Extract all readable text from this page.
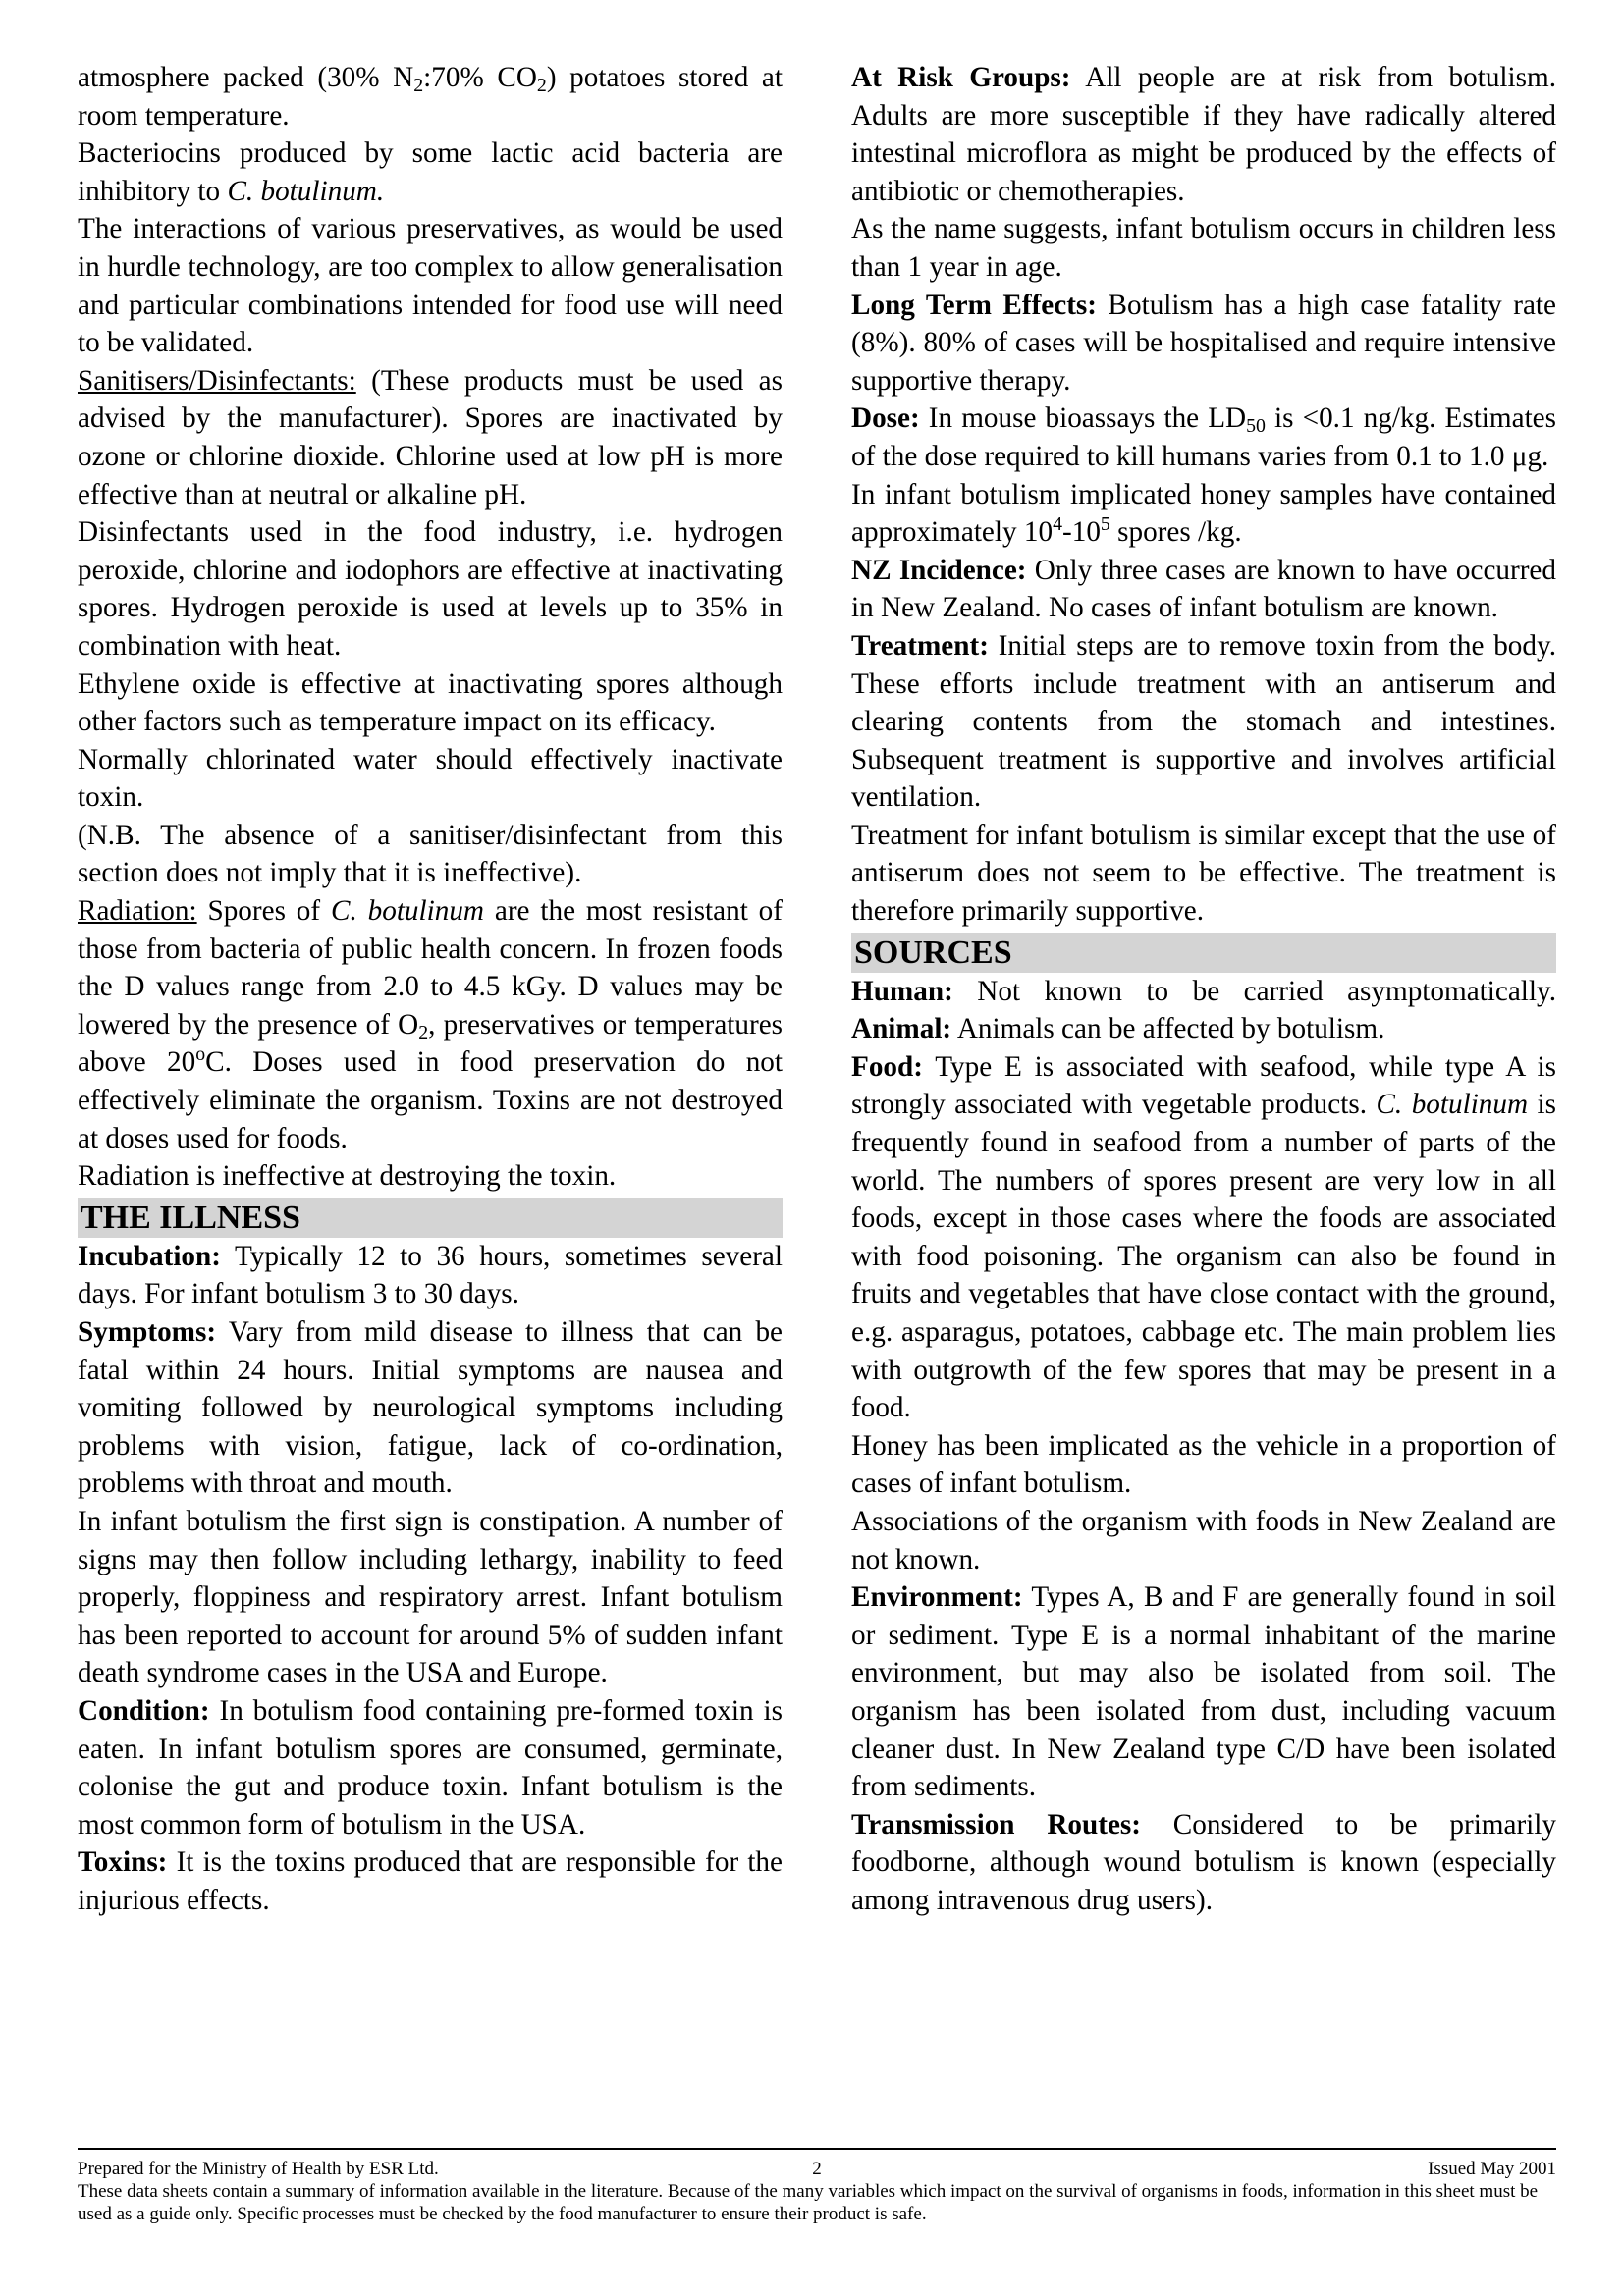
atmosphere packed (30% $N_2:70\%$ $CO_2$) potatoes stored at room temperature.

Bacteriocins produced by some lactic acid bacteria are inhibitory to C. botulinum.

The interactions of various preservatives, as would be used in hurdle technology, are too complex to allow generalisation and particular combinations intended for food use will need to be validated.

Sanitisers/Disinfectants: (These products must be used as advised by the manufacturer). Spores are inactivated by ozone or chlorine dioxide. Chlorine used at low pH is more effective than at neutral or alkaline pH.

Disinfectants used in the food industry, i.e. hydrogen peroxide, chlorine and iodophors are effective at inactivating spores. Hydrogen peroxide is used at levels up to 35% in combination with heat.

Ethylene oxide is effective at inactivating spores although other factors such as temperature impact on its efficacy.

Normally chlorinated water should effectively inactivate toxin.

(N.B. The absence of a sanitiser/disinfectant from this section does not imply that it is ineffective).

Radiation: Spores of C. botulinum are the most resistant of those from bacteria of public health concern. In frozen foods the D values range from 2.0 to 4.5 kGy. D values may be lowered by the presence of $O_2$, preservatives or temperatures above 20$^o$C. Doses used in food preservation do not effectively eliminate the organism. Toxins are not destroyed at doses used for foods.

Radiation is ineffective at destroying the toxin.

THE ILLNESS

Incubation: Typically 12 to 36 hours, sometimes several days. For infant botulism 3 to 30 days.

Symptoms: Vary from mild disease to illness that can be fatal within 24 hours. Initial symptoms are nausea and vomiting followed by neurological symptoms including problems with vision, fatigue, lack of co-ordination, problems with throat and mouth.

In infant botulism the first sign is constipation. A number of signs may then follow including lethargy, inability to feed properly, floppiness and respiratory arrest. Infant botulism has been reported to account for around 5% of sudden infant death syndrome cases in the USA and Europe.

Condition: In botulism food containing pre-formed toxin is eaten. In infant botulism spores are consumed, germinate, colonise the gut and produce toxin. Infant botulism is the most common form of botulism in the USA.

Toxins: It is the toxins produced that are responsible for the injurious effects.

At Risk Groups: All people are at risk from botulism. Adults are more susceptible if they have radically altered intestinal microflora as might be produced by the effects of antibiotic or chemotherapies.

As the name suggests, infant botulism occurs in children less than 1 year in age.

Long Term Effects: Botulism has a high case fatality rate (8%). 80% of cases will be hospitalised and require intensive supportive therapy.

Dose: In mouse bioassays the $LD_{50}$ is <0.1 ng/kg. Estimates of the dose required to kill humans varies from 0.1 to 1.0 μg.

In infant botulism implicated honey samples have contained approximately $10^4-10^5$ spores /kg.

NZ Incidence: Only three cases are known to have occurred in New Zealand. No cases of infant botulism are known.

Treatment: Initial steps are to remove toxin from the body. These efforts include treatment with an antiserum and clearing contents from the stomach and intestines. Subsequent treatment is supportive and involves artificial ventilation.

Treatment for infant botulism is similar except that the use of antiserum does not seem to be effective. The treatment is therefore primarily supportive.

SOURCES

Human: Not known to be carried asymptomatically.

Animal: Animals can be affected by botulism.

Food: Type E is associated with seafood, while type A is strongly associated with vegetable products. C. botulinum is frequently found in seafood from a number of parts of the world. The numbers of spores present are very low in all foods, except in those cases where the foods are associated with food poisoning. The organism can also be found in fruits and vegetables that have close contact with the ground, e.g. asparagus, potatoes, cabbage etc. The main problem lies with outgrowth of the few spores that may be present in a food.

Honey has been implicated as the vehicle in a proportion of cases of infant botulism.

Associations of the organism with foods in New Zealand are not known.

Environment: Types A, B and F are generally found in soil or sediment. Type E is a normal inhabitant of the marine environment, but may also be isolated from soil. The organism has been isolated from dust, including vacuum cleaner dust. In New Zealand type C/D have been isolated from sediments.

Transmission Routes: Considered to be primarily foodborne, although wound botulism is known (especially among intravenous drug users).

2
Prepared for the Ministry of Health by ESR Ltd.	Issued May 2001

These data sheets contain a summary of information available in the literature. Because of the many variables which impact on the survival of organisms in foods, information in this sheet must be used as a guide only. Specific processes must be checked by the food manufacturer to ensure their product is safe.
